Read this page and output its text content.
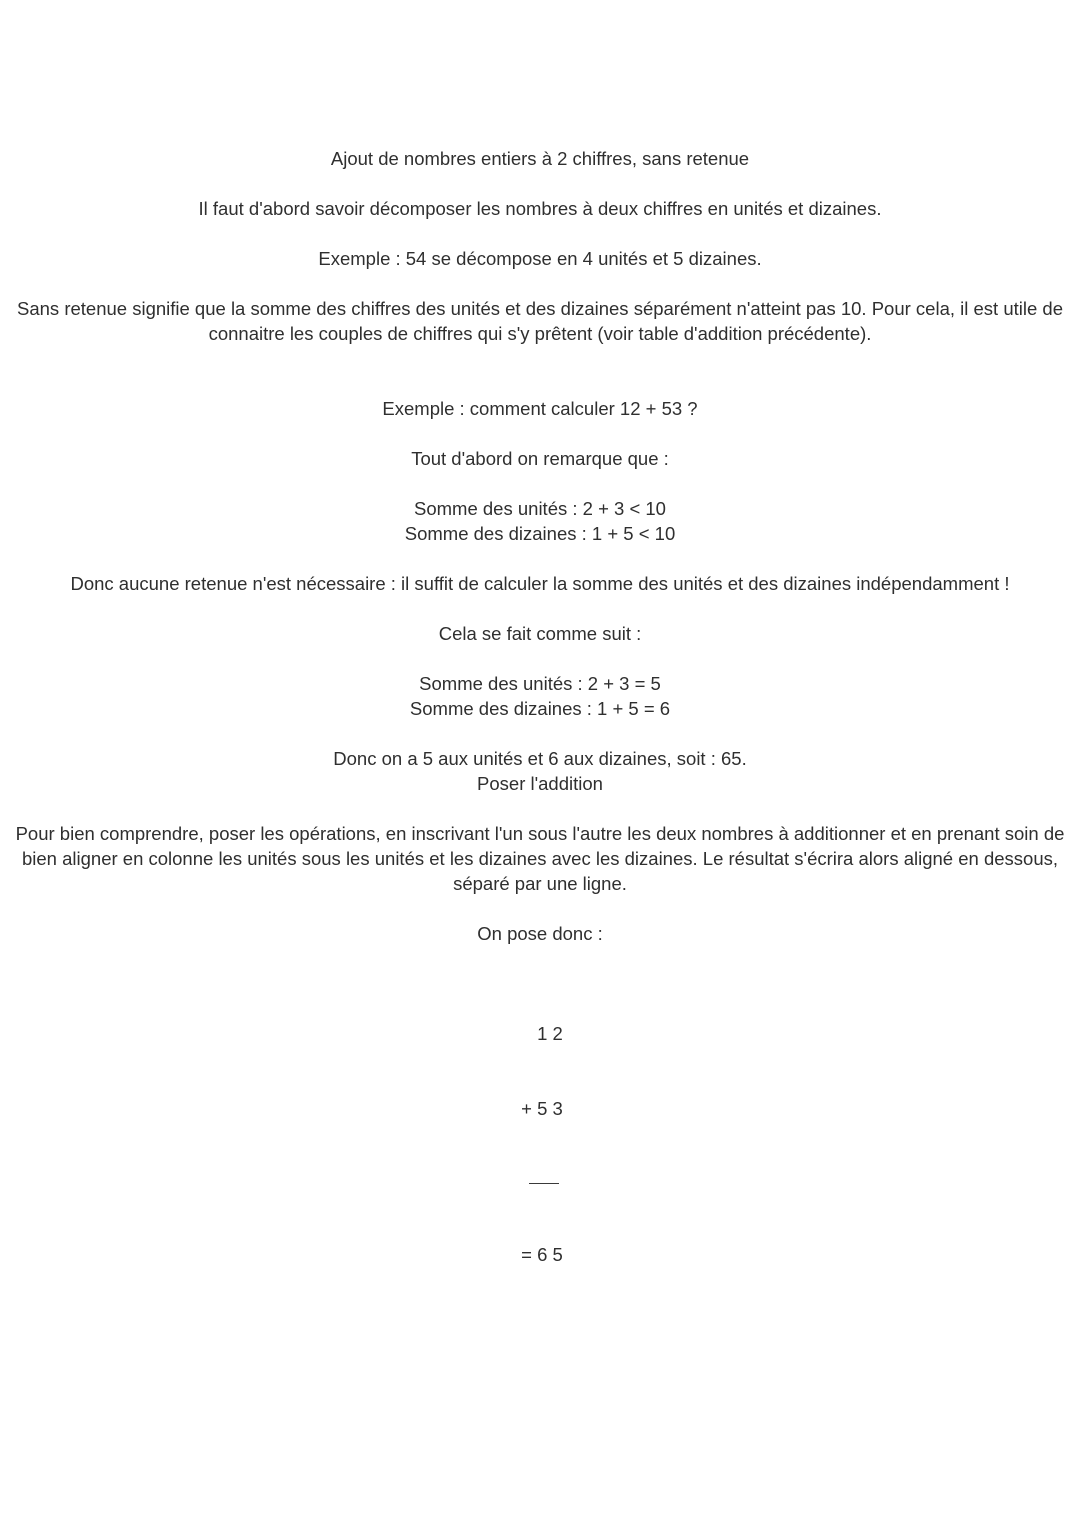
Ajout de nombres entiers à 2 chiffres, sans retenue
Il faut d'abord savoir décomposer les nombres à deux chiffres en unités et dizaines.
Exemple : 54 se décompose en 4 unités et 5 dizaines.
Sans retenue signifie que la somme des chiffres des unités et des dizaines séparément n'atteint pas 10. Pour cela, il est utile de connaitre les couples de chiffres qui s'y prêtent (voir table d'addition précédente).
Exemple : comment calculer 12 + 53 ?
Tout d'abord on remarque que :
Somme des unités : 2 + 3 < 10
Somme des dizaines : 1 + 5 < 10
Donc aucune retenue n'est nécessaire : il suffit de calculer la somme des unités et des dizaines indépendamment !
Cela se fait comme suit :
Somme des unités : 2 + 3 = 5
Somme des dizaines : 1 + 5 = 6
Donc on a 5 aux unités et 6 aux dizaines, soit : 65.
Poser l'addition
Pour bien comprendre, poser les opérations, en inscrivant l'un sous l'autre les deux nombres à additionner et en prenant soin de bien aligner en colonne les unités sous les unités et les dizaines avec les dizaines. Le résultat s'écrira alors aligné en dessous, séparé par une ligne.
On pose donc :

1 2

+ 5 3

= 6 5
